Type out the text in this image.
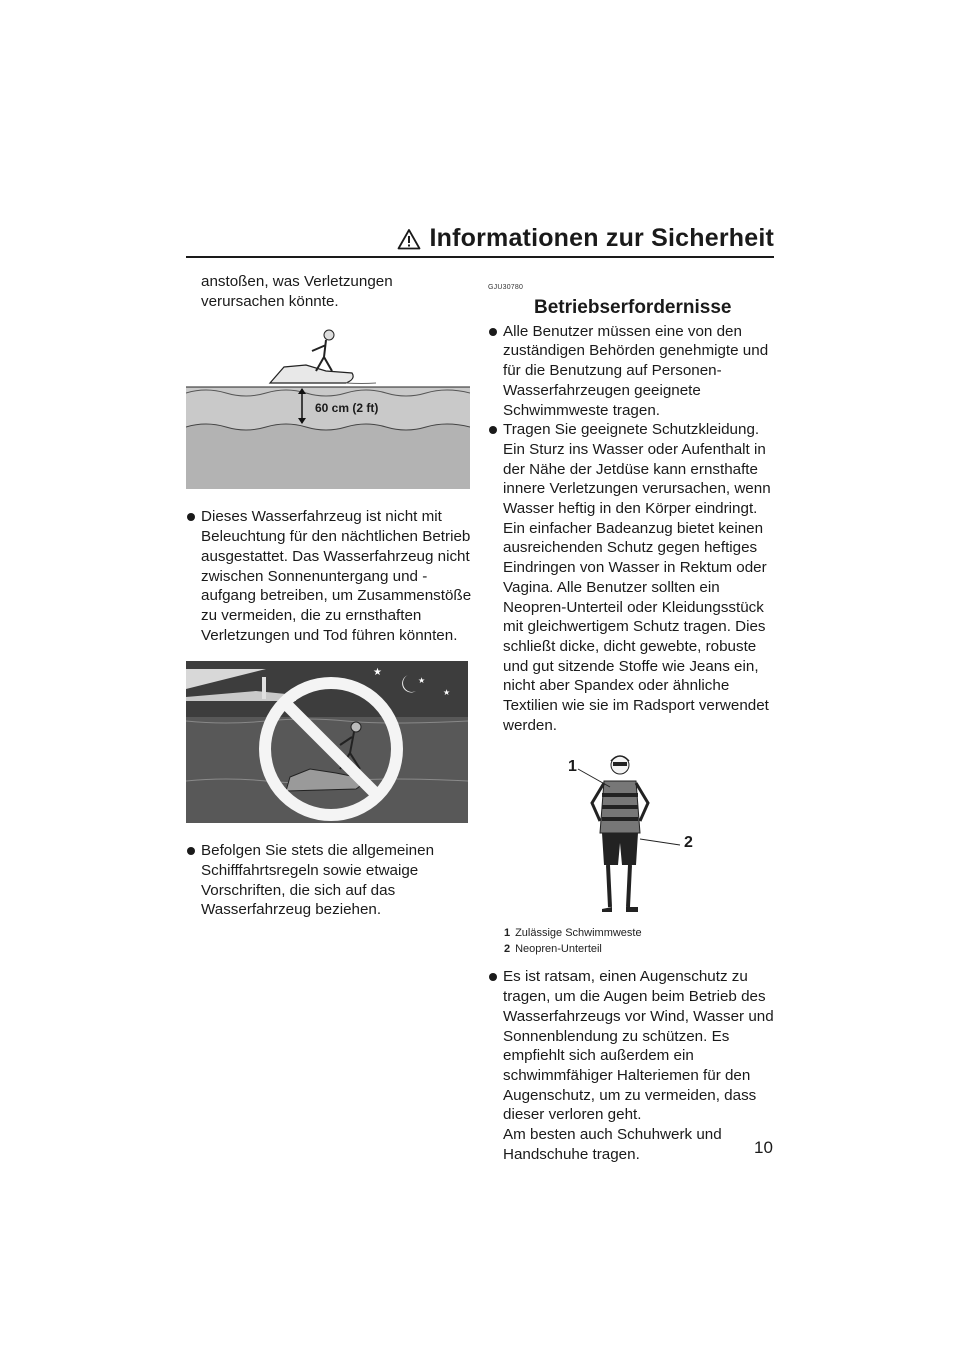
Informationen zur Sicherheit

anstoßen, was Verletzungen verursachen könnte.

60 cm (2 ft)

Dieses Wasserfahrzeug ist nicht mit Beleuchtung für den nächtlichen Betrieb ausgestattet. Das Wasserfahrzeug nicht zwischen Sonnenuntergang und -aufgang betreiben, um Zusammenstöße zu vermeiden, die zu ernsthaften Verletzungen und Tod führen könnten.

★
★
★

Befolgen Sie stets die allgemeinen Schifffahrtsregeln sowie etwaige Vorschriften, die sich auf das Wasserfahrzeug beziehen.

GJU30780
Betriebserfordernisse

Alle Benutzer müssen eine von den zuständigen Behörden genehmigte und für die Benutzung auf Personen-Wasserfahrzeugen geeignete Schwimmweste tragen.

Tragen Sie geeignete Schutzkleidung. Ein Sturz ins Wasser oder Aufenthalt in der Nähe der Jetdüse kann ernsthafte innere Verletzungen verursachen, wenn Wasser heftig in den Körper eindringt.
Ein einfacher Badeanzug bietet keinen ausreichenden Schutz gegen heftiges Eindringen von Wasser in Rektum oder Vagina. Alle Benutzer sollten ein Neopren-Unterteil oder Kleidungsstück mit gleichwertigem Schutz tragen. Dies schließt dicke, dicht gewebte, robuste und gut sitzende Stoffe wie Jeans ein, nicht aber Spandex oder ähnliche Textilien wie sie im Radsport verwendet werden.

1
2
1 Zulässige Schwimmweste
2 Neopren-Unterteil

Es ist ratsam, einen Augenschutz zu tragen, um die Augen beim Betrieb des Wasserfahrzeugs vor Wind, Wasser und Sonnenblendung zu schützen. Es empfiehlt sich außerdem ein schwimmfähiger Halteriemen für den Augenschutz, um zu vermeiden, dass dieser verloren geht.
Am besten auch Schuhwerk und Handschuhe tragen.	10
